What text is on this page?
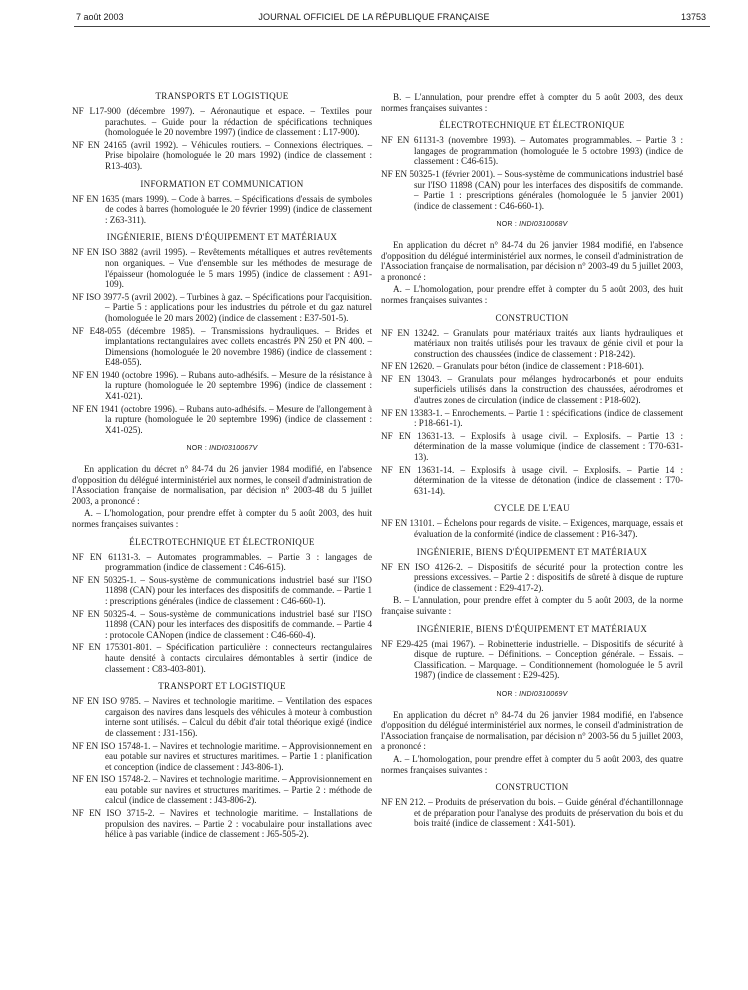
7 août 2003	JOURNAL OFFICIEL DE LA RÉPUBLIQUE FRANÇAISE	13753
TRANSPORTS ET LOGISTIQUE
NF L17-900 (décembre 1997). – Aéronautique et espace. – Textiles pour parachutes. – Guide pour la rédaction de spécifications techniques (homologuée le 20 novembre 1997) (indice de classement : L17-900).
NF EN 24165 (avril 1992). – Véhicules routiers. – Connexions électriques. – Prise bipolaire (homologuée le 20 mars 1992) (indice de classement : R13-403).
INFORMATION ET COMMUNICATION
NF EN 1635 (mars 1999). – Code à barres. – Spécifications d'essais de symboles de codes à barres (homologuée le 20 février 1999) (indice de classement : Z63-311).
INGÉNIERIE, BIENS D'ÉQUIPEMENT ET MATÉRIAUX
NF EN ISO 3882 (avril 1995). – Revêtements métalliques et autres revêtements non organiques. – Vue d'ensemble sur les méthodes de mesurage de l'épaisseur (homologuée le 5 mars 1995) (indice de classement : A91-109).
NF ISO 3977-5 (avril 2002). – Turbines à gaz. – Spécifications pour l'acquisition. – Partie 5 : applications pour les industries du pétrole et du gaz naturel (homologuée le 20 mars 2002) (indice de classement : E37-501-5).
NF E48-055 (décembre 1985). – Transmissions hydrauliques. – Brides et implantations rectangulaires avec collets encastrés PN 250 et PN 400. – Dimensions (homologuée le 20 novembre 1986) (indice de classement : E48-055).
NF EN 1940 (octobre 1996). – Rubans auto-adhésifs. – Mesure de la résistance à la rupture (homologuée le 20 septembre 1996) (indice de classement : X41-021).
NF EN 1941 (octobre 1996). – Rubans auto-adhésifs. – Mesure de l'allongement à la rupture (homologuée le 20 septembre 1996) (indice de classement : X41-025).
NOR : INDI0310067V
En application du décret n° 84-74 du 26 janvier 1984 modifié, en l'absence d'opposition du délégué interministériel aux normes, le conseil d'administration de l'Association française de normalisation, par décision n° 2003-48 du 5 juillet 2003, a prononcé :
A. – L'homologation, pour prendre effet à compter du 5 août 2003, des huit normes françaises suivantes :
ÉLECTROTECHNIQUE ET ÉLECTRONIQUE
NF EN 61131-3. – Automates programmables. – Partie 3 : langages de programmation (indice de classement : C46-615).
NF EN 50325-1. – Sous-système de communications industriel basé sur l'ISO 11898 (CAN) pour les interfaces des dispositifs de commande. – Partie 1 : prescriptions générales (indice de classement : C46-660-1).
NF EN 50325-4. – Sous-système de communications industriel basé sur l'ISO 11898 (CAN) pour les interfaces des dispositifs de commande. – Partie 4 : protocole CANopen (indice de classement : C46-660-4).
NF EN 175301-801. – Spécification particulière : connecteurs rectangulaires haute densité à contacts circulaires démontables à sertir (indice de classement : C83-403-801).
TRANSPORT ET LOGISTIQUE
NF EN ISO 9785. – Navires et technologie maritime. – Ventilation des espaces cargaison des navires dans lesquels des véhicules à moteur à combustion interne sont utilisés. – Calcul du débit d'air total théorique exigé (indice de classement : J31-156).
NF EN ISO 15748-1. – Navires et technologie maritime. – Approvisionnement en eau potable sur navires et structures maritimes. – Partie 1 : planification et conception (indice de classement : J43-806-1).
NF EN ISO 15748-2. – Navires et technologie maritime. – Approvisionnement en eau potable sur navires et structures maritimes. – Partie 2 : méthode de calcul (indice de classement : J43-806-2).
NF EN ISO 3715-2. – Navires et technologie maritime. – Installations de propulsion des navires. – Partie 2 : vocabulaire pour installations avec hélice à pas variable (indice de classement : J65-505-2).
B. – L'annulation, pour prendre effet à compter du 5 août 2003, des deux normes françaises suivantes :
ÉLECTROTECHNIQUE ET ÉLECTRONIQUE
NF EN 61131-3 (novembre 1993). – Automates programmables. – Partie 3 : langages de programmation (homologuée le 5 octobre 1993) (indice de classement : C46-615).
NF EN 50325-1 (février 2001). – Sous-système de communications industriel basé sur l'ISO 11898 (CAN) pour les interfaces des dispositifs de commande. – Partie 1 : prescriptions générales (homologuée le 5 janvier 2001) (indice de classement : C46-660-1).
NOR : INDI0310068V
En application du décret n° 84-74 du 26 janvier 1984 modifié, en l'absence d'opposition du délégué interministériel aux normes, le conseil d'administration de l'Association française de normalisation, par décision n° 2003-49 du 5 juillet 2003, a prononcé :
A. – L'homologation, pour prendre effet à compter du 5 août 2003, des huit normes françaises suivantes :
CONSTRUCTION
NF EN 13242. – Granulats pour matériaux traités aux liants hydrauliques et matériaux non traités utilisés pour les travaux de génie civil et pour la construction des chaussées (indice de classement : P18-242).
NF EN 12620. – Granulats pour béton (indice de classement : P18-601).
NF EN 13043. – Granulats pour mélanges hydrocarbonés et pour enduits superficiels utilisés dans la construction des chaussées, aérodromes et d'autres zones de circulation (indice de classement : P18-602).
NF EN 13383-1. – Enrochements. – Partie 1 : spécifications (indice de classement : P18-661-1).
NF EN 13631-13. – Explosifs à usage civil. – Explosifs. – Partie 13 : détermination de la masse volumique (indice de classement : T70-631-13).
NF EN 13631-14. – Explosifs à usage civil. – Explosifs. – Partie 14 : détermination de la vitesse de détonation (indice de classement : T70-631-14).
CYCLE DE L'EAU
NF EN 13101. – Échelons pour regards de visite. – Exigences, marquage, essais et évaluation de la conformité (indice de classement : P16-347).
INGÉNIERIE, BIENS D'ÉQUIPEMENT ET MATÉRIAUX
NF EN ISO 4126-2. – Dispositifs de sécurité pour la protection contre les pressions excessives. – Partie 2 : dispositifs de sûreté à disque de rupture (indice de classement : E29-417-2).
B. – L'annulation, pour prendre effet à compter du 5 août 2003, de la norme française suivante :
INGÉNIERIE, BIENS D'ÉQUIPEMENT ET MATÉRIAUX
NF E29-425 (mai 1967). – Robinetterie industrielle. – Dispositifs de sécurité à disque de rupture. – Définitions. – Conception générale. – Essais. – Classification. – Marquage. – Conditionnement (homologuée le 5 avril 1987) (indice de classement : E29-425).
NOR : INDI0310069V
En application du décret n° 84-74 du 26 janvier 1984 modifié, en l'absence d'opposition du délégué interministériel aux normes, le conseil d'administration de l'Association française de normalisation, par décision n° 2003-56 du 5 juillet 2003, a prononcé :
A. – L'homologation, pour prendre effet à compter du 5 août 2003, des quatre normes françaises suivantes :
CONSTRUCTION
NF EN 212. – Produits de préservation du bois. – Guide général d'échantillonnage et de préparation pour l'analyse des produits de préservation du bois et du bois traité (indice de classement : X41-501).
